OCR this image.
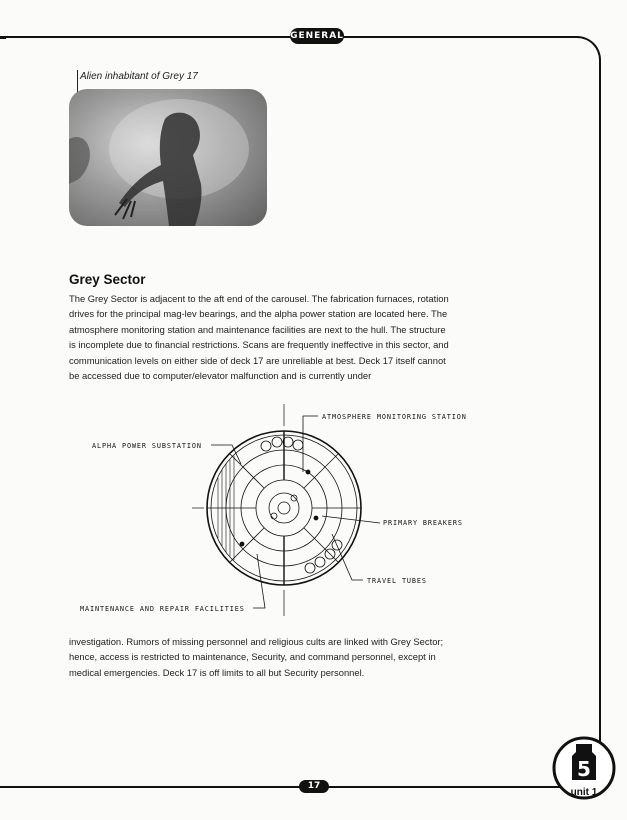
GENERAL
Alien inhabitant of Grey 17
Grey Sector

The Grey Sector is adjacent to the aft end of the carousel. The fabrication furnaces, rotation drives for the principal mag-lev bearings, and the alpha power station are located here. The atmosphere monitoring station and maintenance facilities are next to the hull. The structure is incomplete due to financial restrictions. Scans are frequently ineffective in this sector, and communication levels on either side of deck 17 are unreliable at best. Deck 17 itself cannot be accessed due to computer/elevator malfunction and is currently under

ATMOSPHERE MONITORING STATION
ALPHA POWER SUBSTATION
PRIMARY BREAKERS
TRAVEL TUBES
MAINTENANCE AND REPAIR FACILITIES

investigation. Rumors of missing personnel and religious cults are linked with Grey Sector; hence, access is restricted to maintenance, Security, and command personnel, except in medical emergencies. Deck 17 is off limits to all but Security personnel.

17
5
unit 1
